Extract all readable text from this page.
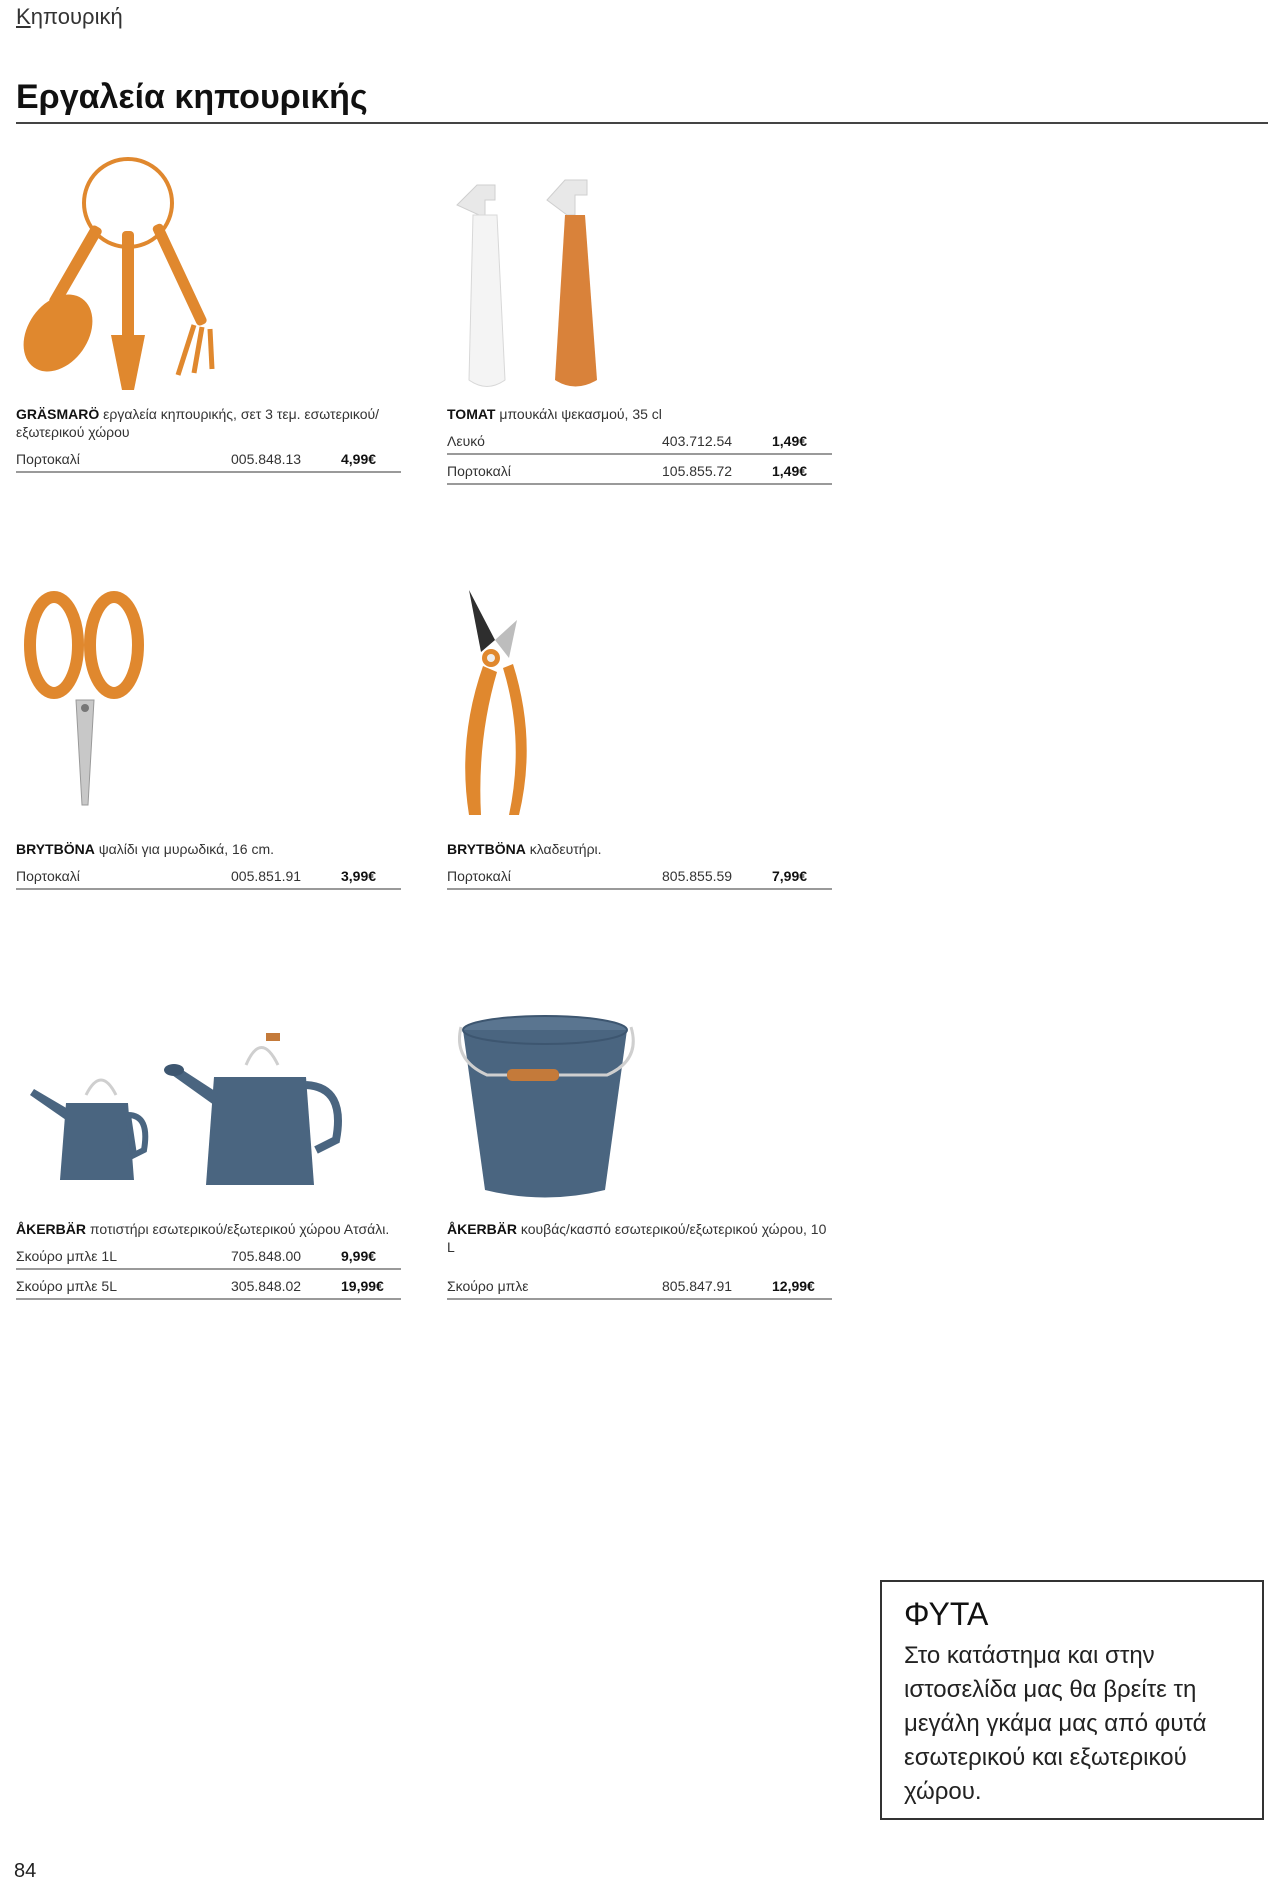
Κηπουρική
Εργαλεία κηπουρικής

GRÄSMARÖ εργαλεία κηπουρικής, σετ 3 τεμ. εσωτερικού/εξωτερικού χώρου

Πορτοκαλί	005.848.13	4,99€

TOMAT μπουκάλι ψεκασμού, 35 cl

Λευκό	403.712.54	1,49€
Πορτοκαλί	105.855.72	1,49€

BRYTBÖNA ψαλίδι για μυρωδικά, 16 cm.

Πορτοκαλί	005.851.91	3,99€

BRYTBÖNA κλαδευτήρι.

Πορτοκαλί	805.855.59	7,99€

ÅKERBÄR ποτιστήρι εσωτερικού/εξωτερικού χώρου Ατσάλι.

Σκούρο μπλε 1L	705.848.00	9,99€
Σκούρο μπλε 5L	305.848.02	19,99€

ÅKERBÄR κουβάς/κασπό εσωτερικού/εξωτερικού χώρου, 10 L

Σκούρο μπλε	805.847.91	12,99€

ΦΥΤΑ

Στο κατάστημα και στην ιστοσελίδα μας θα βρείτε τη μεγάλη γκάμα μας από φυτά εσωτερικού και εξωτερικού χώρου.

84
